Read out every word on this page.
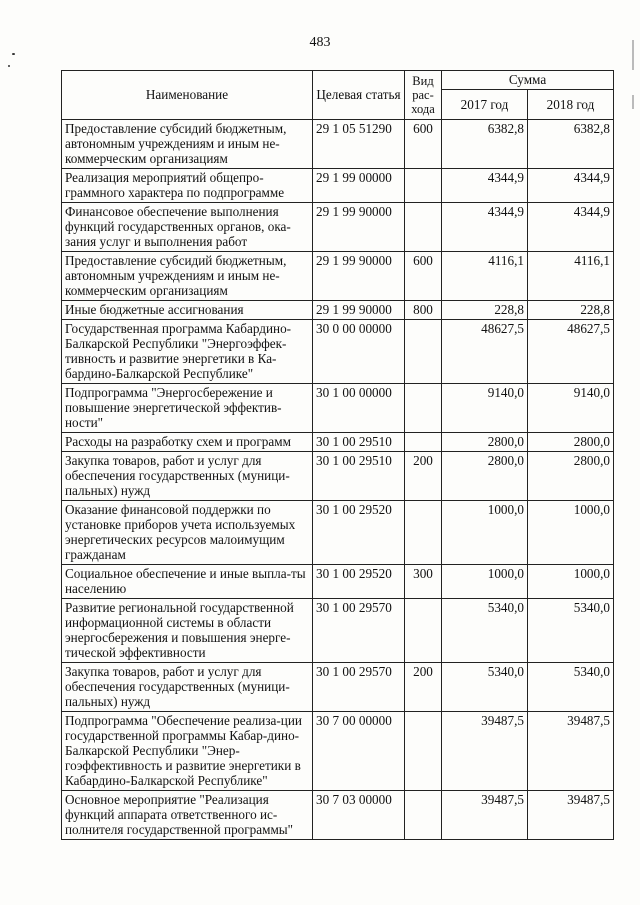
483
Наименование	Целевая статья	Вид рас-хода	Сумма	
			2017 год	2018 год
Предоставление субсидий бюджетным, автономным учреждениям и иным не-коммерческим организациям	29 1 05 51290	600	6382,8	6382,8
Реализация мероприятий общепро-граммного характера по подпрограмме	29 1 99 00000		4344,9	4344,9
Финансовое обеспечение выполнения функций государственных органов, ока-зания услуг и выполнения работ	29 1 99 90000		4344,9	4344,9
Предоставление субсидий бюджетным, автономным учреждениям и иным не-коммерческим организациям	29 1 99 90000	600	4116,1	4116,1
Иные бюджетные ассигнования	29 1 99 90000	800	228,8	228,8
Государственная программа Кабардино-Балкарской Республики "Энергоэффек-тивность и развитие энергетики в Ка-бардино-Балкарской Республике"	30 0 00 00000		48627,5	48627,5
Подпрограмма "Энергосбережение и повышение энергетической эффектив-ности"	30 1 00 00000		9140,0	9140,0
Расходы на разработку схем и программ	30 1 00 29510		2800,0	2800,0
Закупка товаров, работ и услуг для обеспечения государственных (муници-пальных) нужд	30 1 00 29510	200	2800,0	2800,0
Оказание финансовой поддержки по установке приборов учета используемых энергетических ресурсов малоимущим гражданам	30 1 00 29520		1000,0	1000,0
Социальное обеспечение и иные выпла-ты населению	30 1 00 29520	300	1000,0	1000,0
Развитие региональной государственной информационной системы в области энергосбережения и повышения энерге-тической эффективности	30 1 00 29570		5340,0	5340,0
Закупка товаров, работ и услуг для обеспечения государственных (муници-пальных) нужд	30 1 00 29570	200	5340,0	5340,0
Подпрограмма "Обеспечение реализа-ции государственной программы Кабар-дино-Балкарской Республики "Энер-гоэффективность и развитие энергетики в Кабардино-Балкарской Республике"	30 7 00 00000		39487,5	39487,5
Основное мероприятие "Реализация функций аппарата ответственного ис-полнителя государственной программы"	30 7 03 00000		39487,5	39487,5
